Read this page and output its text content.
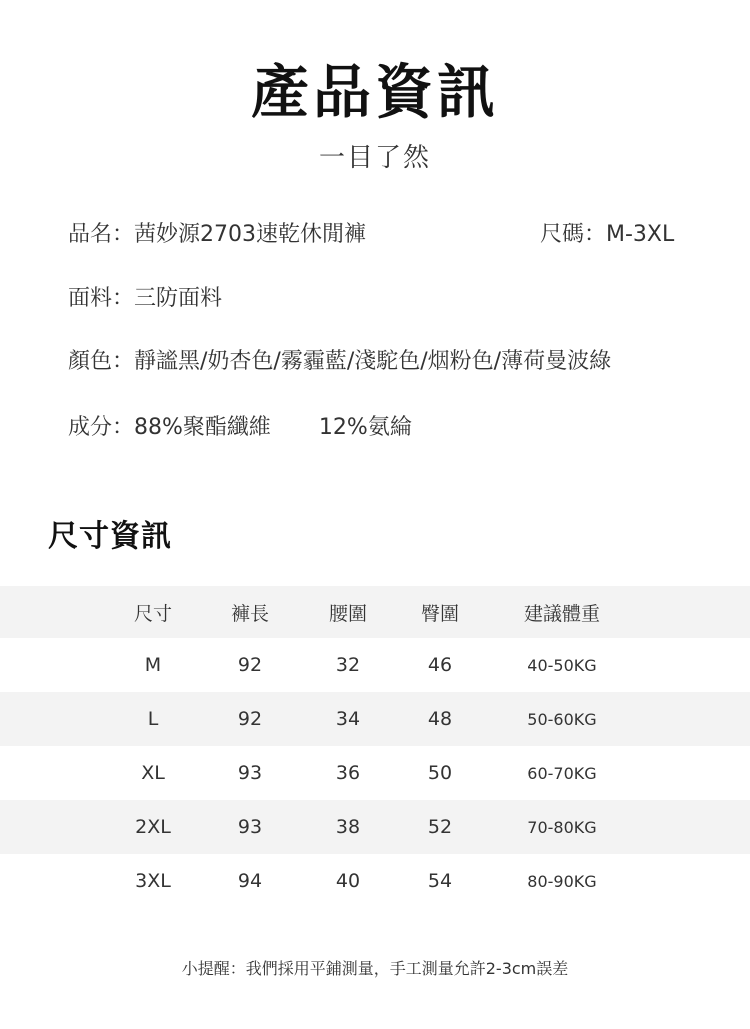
產品資訊
一目了然
品名：茜妙源2703速乾休閒褲	尺碼：M-3XL
面料：三防面料
顏色：靜謐黑/奶杏色/霧霾藍/淺駝色/烟粉色/薄荷曼波綠
成分：88%聚酯纖維 12%氨綸
尺寸資訊
尺寸	褲長	腰圍	臀圍	建議體重
M	92	32	46	40-50KG
L	92	34	48	50-60KG
XL	93	36	50	60-70KG
2XL	93	38	52	70-80KG
3XL	94	40	54	80-90KG
小提醒：我們採用平鋪測量，手工測量允許2-3cm誤差
